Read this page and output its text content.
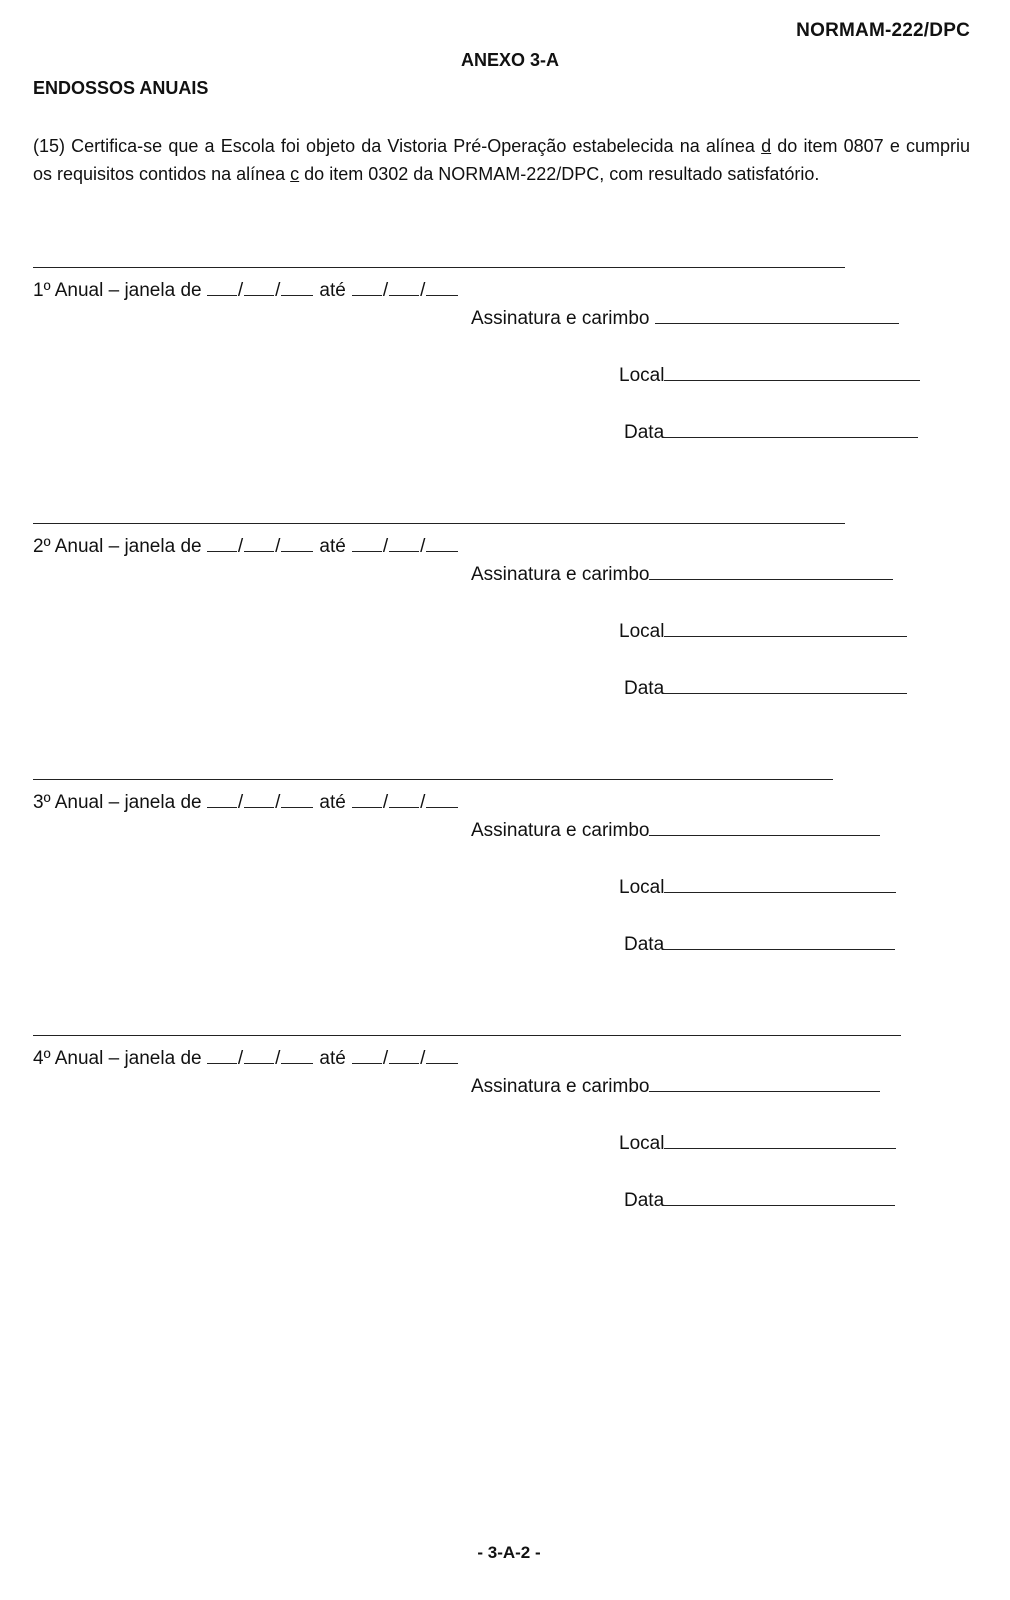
NORMAM-222/DPC
ANEXO 3-A
ENDOSSOS ANUAIS
(15) Certifica-se que a Escola foi objeto da Vistoria Pré-Operação estabelecida na alínea d do item 0807 e cumpriu os requisitos contidos na alínea c do item 0302 da NORMAM-222/DPC, com resultado satisfatório.
1º Anual – janela de / / até / /
Assinatura e carimbo
Local
Data
2º Anual – janela de / / até / /
Assinatura e carimbo
Local
Data
3º Anual – janela de / / até / /
Assinatura e carimbo
Local
Data
4º Anual – janela de / / até / /
Assinatura e carimbo
Local
Data
- 3-A-2 -
